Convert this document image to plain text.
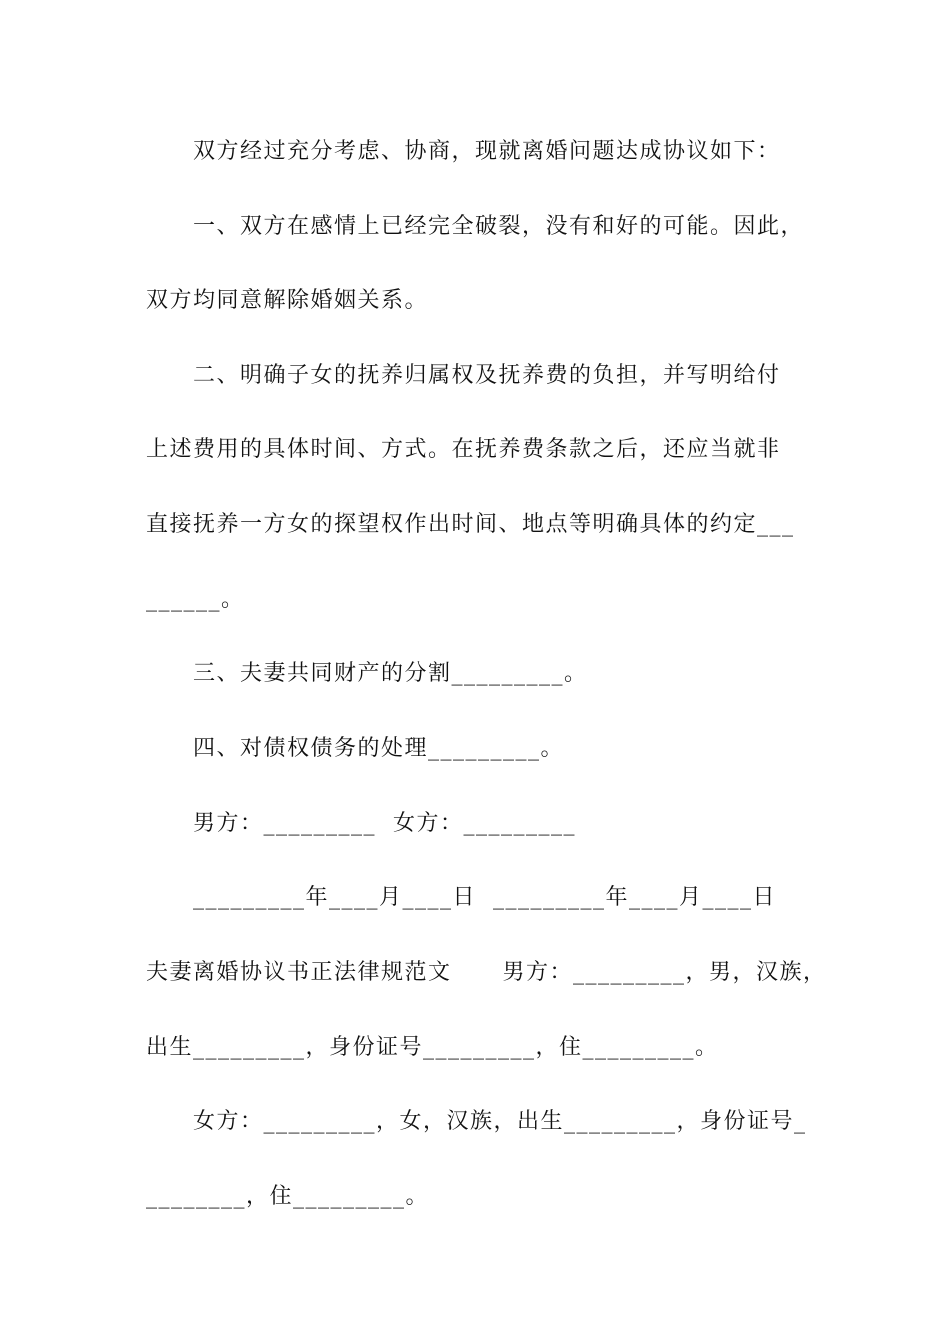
双方经过充分考虑、协商，现就离婚问题达成协议如下：
一、双方在感情上已经完全破裂，没有和好的可能。因此，
双方均同意解除婚姻关系。
二、明确子女的抚养归属权及抚养费的负担，并写明给付
上述费用的具体时间、方式。在抚养费条款之后，还应当就非
直接抚养一方女的探望权作出时间、地点等明确具体的约定___
______。
三、夫妻共同财产的分割_________。
四、对债权债务的处理_________。
男方：_________  女方：_________
_________年____月____日  _________年____月____日
夫妻离婚协议书正法律规范文      男方：_________，男，汉族，
出生_________，身份证号_________，住_________。
女方：_________，女，汉族，出生_________，身份证号_
________，住_________。
